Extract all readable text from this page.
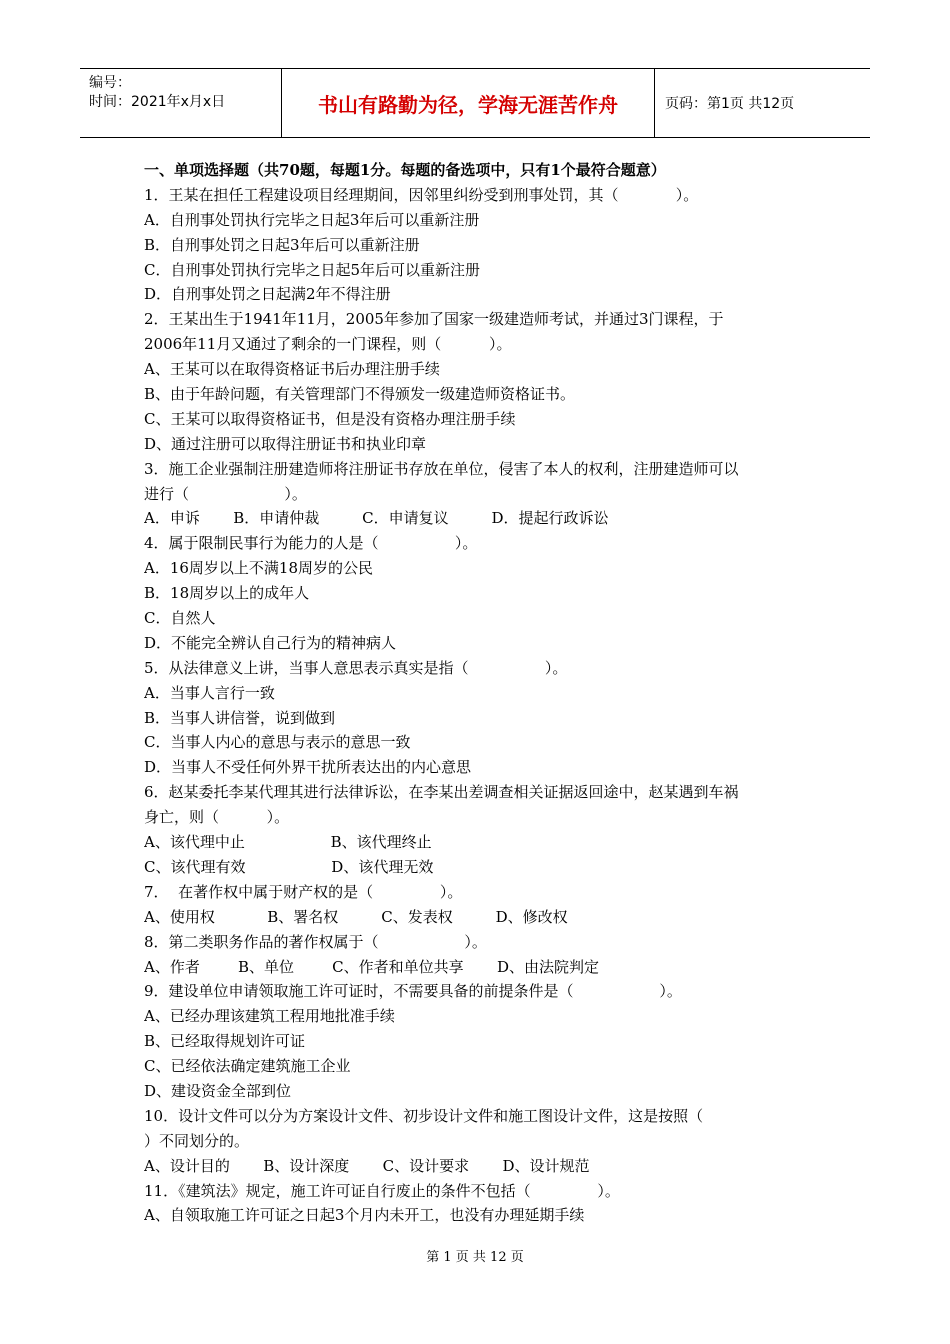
编号：
时间：2021年x月x日	书山有路勤为径，学海无涯苦作舟	页码：第1页 共12页
一、单项选择题（共70题，每题1分。每题的备选项中，只有1个最符合题意）
1．王某在担任工程建设项目经理期间，因邻里纠纷受到刑事处罚，其（            ）。
A．自刑事处罚执行完毕之日起3年后可以重新注册
B．自刑事处罚之日起3年后可以重新注册
C．自刑事处罚执行完毕之日起5年后可以重新注册
D．自刑事处罚之日起满2年不得注册
2．王某出生于1941年11月，2005年参加了国家一级建造师考试，并通过3门课程，于
2006年11月又通过了剩余的一门课程，则（          ）。
A、王某可以在取得资格证书后办理注册手续
B、由于年龄问题，有关管理部门不得颁发一级建造师资格证书。
C、王某可以取得资格证书，但是没有资格办理注册手续
D、通过注册可以取得注册证书和执业印章
3．施工企业强制注册建造师将注册证书存放在单位，侵害了本人的权利，注册建造师可以
进行（                    ）。
A．申诉       B．申请仲裁         C．申请复议         D．提起行政诉讼
4．属于限制民事行为能力的人是（                ）。
A．16周岁以上不满18周岁的公民
B．18周岁以上的成年人
C．自然人
D．不能完全辨认自己行为的精神病人
5．从法律意义上讲，当事人意思表示真实是指（                ）。
A．当事人言行一致
B．当事人讲信誉，说到做到
C．当事人内心的意思与表示的意思一致
D．当事人不受任何外界干扰所表达出的内心意思
6．赵某委托李某代理其进行法律诉讼，在李某出差调查相关证据返回途中，赵某遇到车祸
身亡，则（          ）。
A、该代理中止                  B、该代理终止
C、该代理有效                  D、该代理无效
7．  在著作权中属于财产权的是（              ）。
A、使用权           B、署名权         C、发表权         D、修改权
8．第二类职务作品的著作权属于（                  ）。
A、作者        B、单位        C、作者和单位共享       D、由法院判定
9．建设单位申请领取施工许可证时，不需要具备的前提条件是（                  ）。
A、已经办理该建筑工程用地批准手续
B、已经取得规划许可证
C、已经依法确定建筑施工企业
D、建设资金全部到位
10．设计文件可以分为方案设计文件、初步设计文件和施工图设计文件，这是按照（
）不同划分的。
A、设计目的       B、设计深度       C、设计要求       D、设计规范
11．《建筑法》规定，施工许可证自行废止的条件不包括（              ）。
A、自领取施工许可证之日起3个月内未开工，也没有办理延期手续
第 1 页 共 12 页
